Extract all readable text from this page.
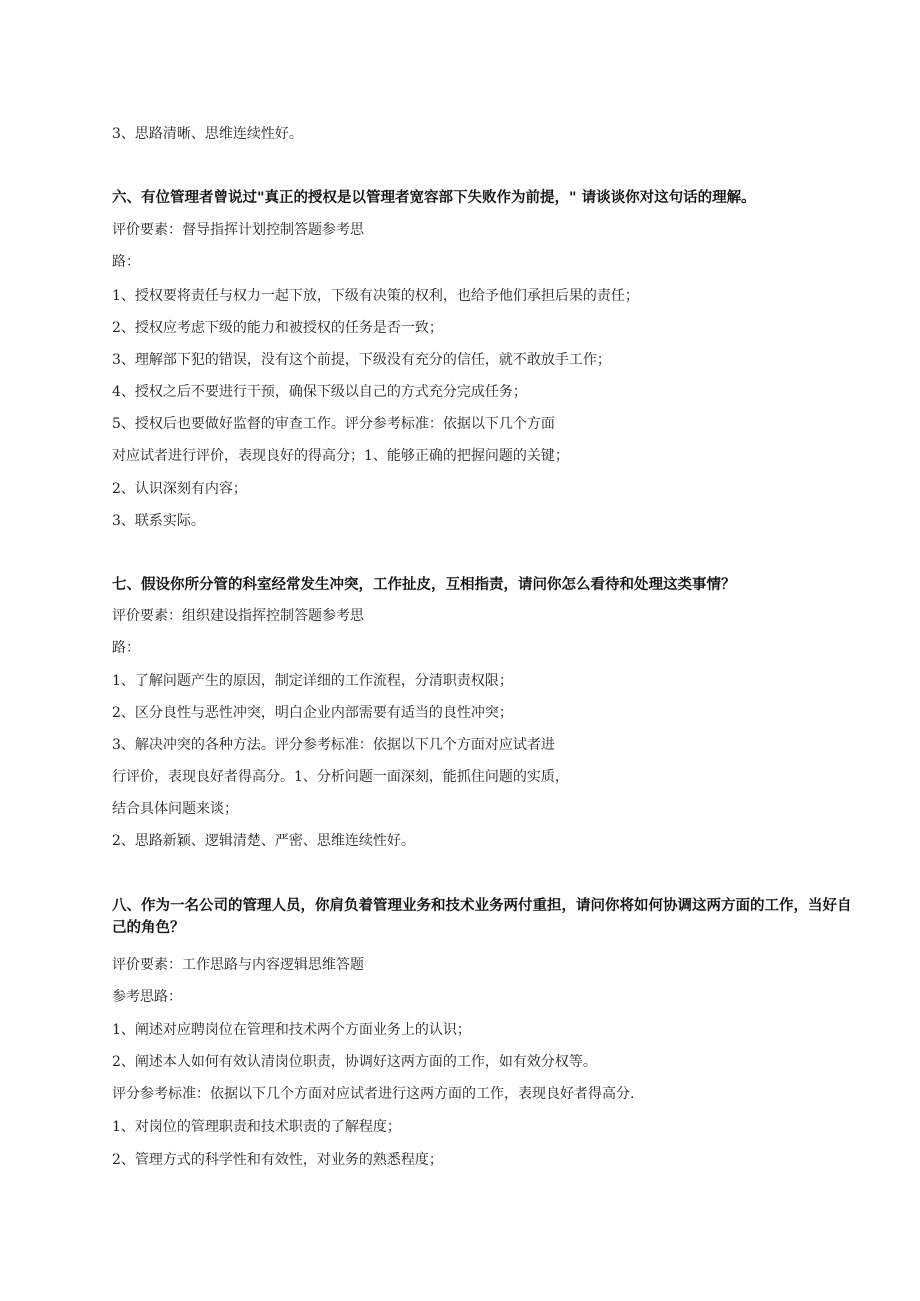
3、思路清晰、思维连续性好。
六、有位管理者曾说过"真正的授权是以管理者宽容部下失败作为前提，" 请谈谈你对这句话的理解。
评价要素：督导指挥计划控制答题参考思
路：
1、授权要将责任与权力一起下放，下级有决策的权利，也给予他们承担后果的责任；
2、授权应考虑下级的能力和被授权的任务是否一致；
3、理解部下犯的错误，没有这个前提，下级没有充分的信任，就不敢放手工作；
4、授权之后不要进行干预，确保下级以自己的方式充分完成任务；
5、授权后也要做好监督的审查工作。评分参考标准：依据以下几个方面
对应试者进行评价，表现良好的得高分；1、能够正确的把握问题的关键；
2、认识深刻有内容；
3、联系实际。
七、假设你所分管的科室经常发生冲突，工作扯皮，互相指责，请问你怎么看待和处理这类事情？
评价要素：组织建设指挥控制答题参考思
路：
1、了解问题产生的原因，制定详细的工作流程，分清职责权限；
2、区分良性与恶性冲突，明白企业内部需要有适当的良性冲突；
3、解决冲突的各种方法。评分参考标准：依据以下几个方面对应试者进
行评价，表现良好者得高分。1、分析问题一面深刻，能抓住问题的实质，
结合具体问题来谈；
2、思路新颖、逻辑清楚、严密、思维连续性好。
八、作为一名公司的管理人员，你肩负着管理业务和技术业务两付重担，请问你将如何协调这两方面的工作，当好自己的角色？
评价要素：工作思路与内容逻辑思维答题
参考思路：
1、阐述对应聘岗位在管理和技术两个方面业务上的认识；
2、阐述本人如何有效认清岗位职责，协调好这两方面的工作，如有效分权等。
评分参考标准：依据以下几个方面对应试者进行这两方面的工作，表现良好者得高分.
1、对岗位的管理职责和技术职责的了解程度；
2、管理方式的科学性和有效性，对业务的熟悉程度；
